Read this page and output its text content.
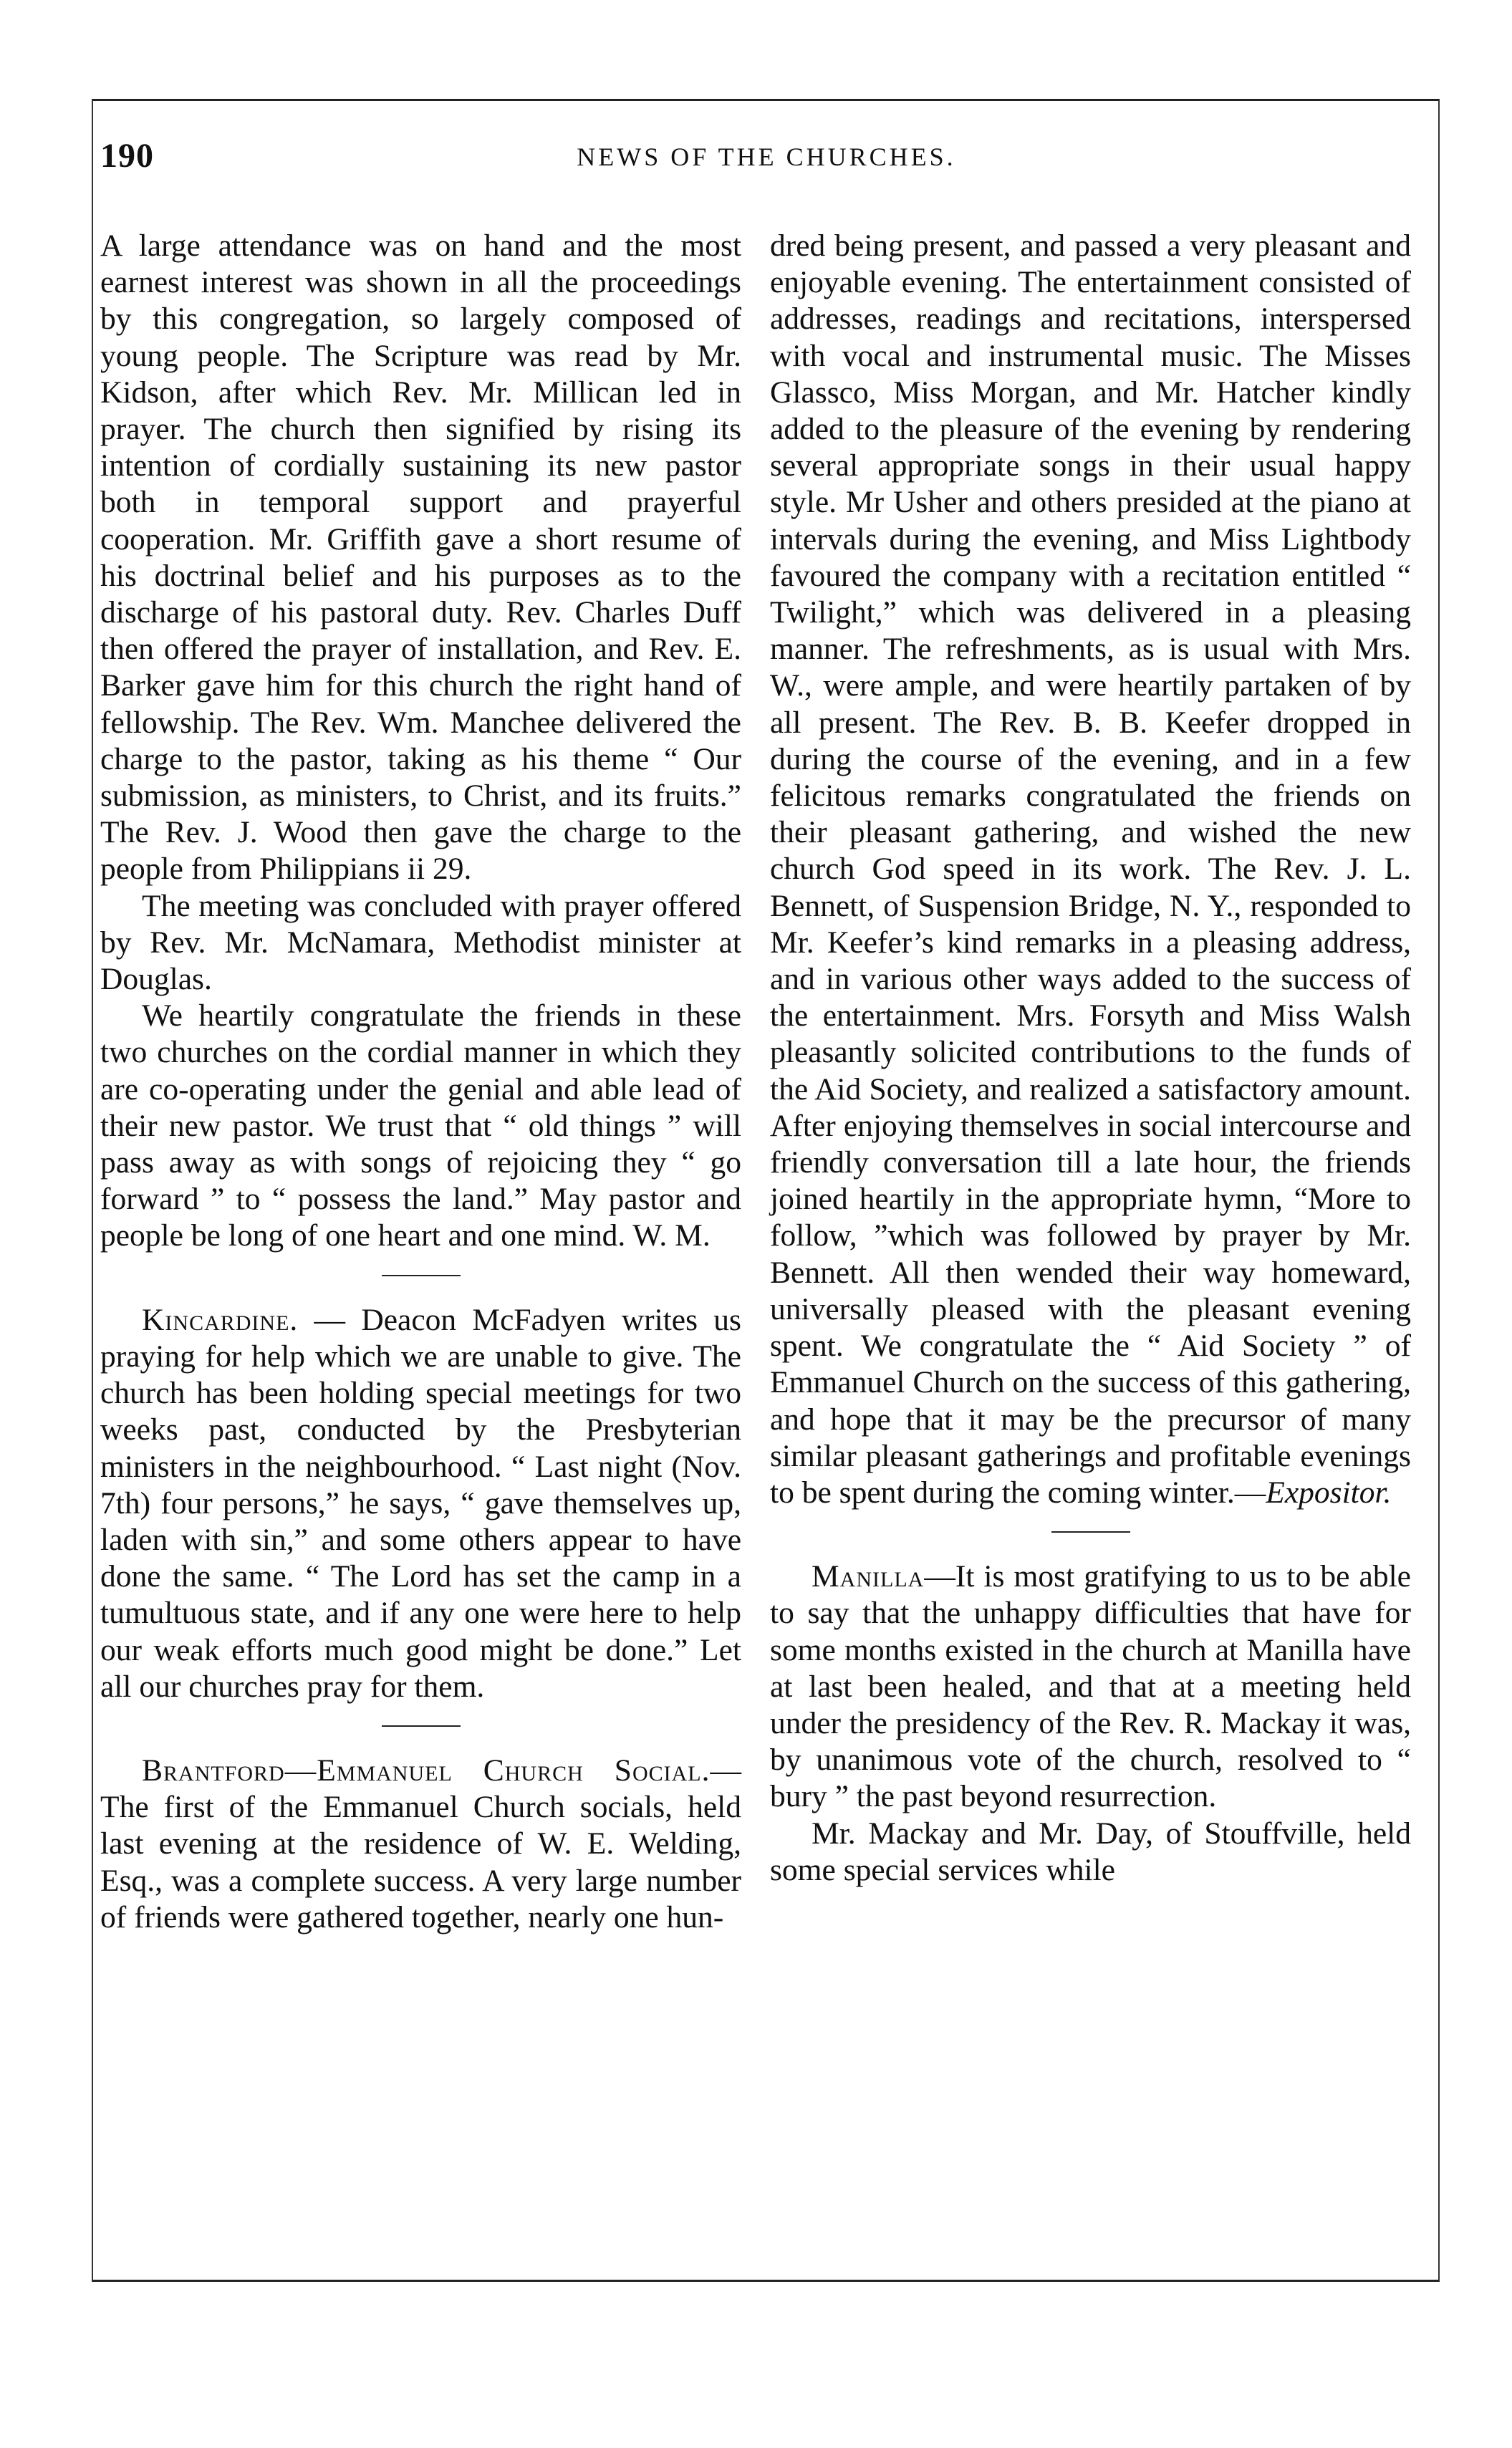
190	NEWS OF THE CHURCHES.

A large attendance was on hand and the most earnest interest was shown in all the proceedings by this congregation, so largely composed of young people. The Scripture was read by Mr. Kidson, after which Rev. Mr. Millican led in prayer. The church then signified by rising its intention of cordially sustaining its new pastor both in temporal support and prayerful cooperation. Mr. Griffith gave a short resume of his doctrinal belief and his purposes as to the discharge of his pastoral duty. Rev. Charles Duff then offered the prayer of installation, and Rev. E. Barker gave him for this church the right hand of fellowship. The Rev. Wm. Manchee delivered the charge to the pastor, taking as his theme “ Our submission, as ministers, to Christ, and its fruits.” The Rev. J. Wood then gave the charge to the people from Philippians ii 29.

The meeting was concluded with prayer offered by Rev. Mr. McNamara, Methodist minister at Douglas.

We heartily congratulate the friends in these two churches on the cordial manner in which they are co-operating under the genial and able lead of their new pastor. We trust that “ old things ” will pass away as with songs of rejoicing they “ go forward ” to “ possess the land.” May pastor and people be long of one heart and one mind. W. M.

Kincardine. — Deacon McFadyen writes us praying for help which we are unable to give. The church has been holding special meetings for two weeks past, conducted by the Presbyterian ministers in the neighbourhood. “ Last night (Nov. 7th) four persons,” he says, “ gave themselves up, laden with sin,” and some others appear to have done the same. “ The Lord has set the camp in a tumultuous state, and if any one were here to help our weak efforts much good might be done.” Let all our churches pray for them.

Brantford—Emmanuel Church Social.—The first of the Emmanuel Church socials, held last evening at the residence of W. E. Welding, Esq., was a complete success. A very large number of friends were gathered together, nearly one hun-

dred being present, and passed a very pleasant and enjoyable evening. The entertainment consisted of addresses, readings and recitations, interspersed with vocal and instrumental music. The Misses Glassco, Miss Morgan, and Mr. Hatcher kindly added to the pleasure of the evening by rendering several appropriate songs in their usual happy style. Mr Usher and others presided at the piano at intervals during the evening, and Miss Lightbody favoured the company with a recitation entitled “ Twilight,” which was delivered in a pleasing manner. The refreshments, as is usual with Mrs. W., were ample, and were heartily partaken of by all present. The Rev. B. B. Keefer dropped in during the course of the evening, and in a few felicitous remarks congratulated the friends on their pleasant gathering, and wished the new church God speed in its work. The Rev. J. L. Bennett, of Suspension Bridge, N. Y., responded to Mr. Keefer’s kind remarks in a pleasing address, and in various other ways added to the success of the entertainment. Mrs. Forsyth and Miss Walsh pleasantly solicited contributions to the funds of the Aid Society, and realized a satisfactory amount. After enjoying themselves in social intercourse and friendly conversation till a late hour, the friends joined heartily in the appropriate hymn, “More to follow, ”which was followed by prayer by Mr. Bennett. All then wended their way homeward, universally pleased with the pleasant evening spent. We congratulate the “ Aid Society ” of Emmanuel Church on the success of this gathering, and hope that it may be the precursor of many similar pleasant gatherings and profitable evenings to be spent during the coming winter.—Expositor.

Manilla—It is most gratifying to us to be able to say that the unhappy difficulties that have for some months existed in the church at Manilla have at last been healed, and that at a meeting held under the presidency of the Rev. R. Mackay it was, by unanimous vote of the church, resolved to “ bury ” the past beyond resurrection.

Mr. Mackay and Mr. Day, of Stouffville, held some special services while
